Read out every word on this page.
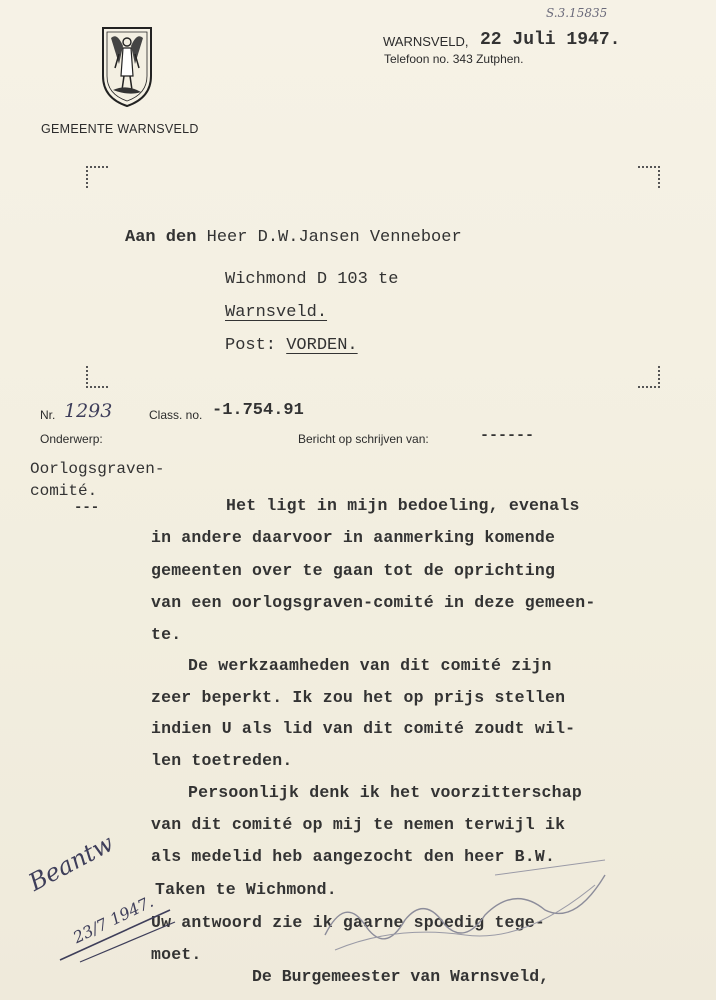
S.3.15835
GEMEENTE WARNSVELD
WARNSVELD, 22 Juli 1947.
Telefoon no. 343 Zutphen.
Aan den Heer D.W.Jansen Venneboer
Wichmond D 103 te
Warnsveld.
Post: VORDEN.
Nr. 1293	Class. no. -1.754.91
Onderwerp:	Bericht op schrijven van:	------
Oorlogsgraven-
comité.
---	Het ligt in mijn bedoeling, evenals
in andere daarvoor in aanmerking komende
gemeenten over te gaan tot de oprichting
van een oorlogsgraven-comité in deze gemeen-
te.
De werkzaamheden van dit comité zijn
zeer beperkt. Ik zou het op prijs stellen
indien U als lid van dit comité zoudt wil-
len toetreden.
Persoonlijk denk ik het voorzitterschap
van dit comité op mij te nemen terwijl ik
als medelid heb aangezocht den heer B.W.
Taken te Wichmond.
Uw antwoord zie ik gaarne spoedig tege-
moet.
De Burgemeester van Warnsveld,
Beantw
23/7 1947.
